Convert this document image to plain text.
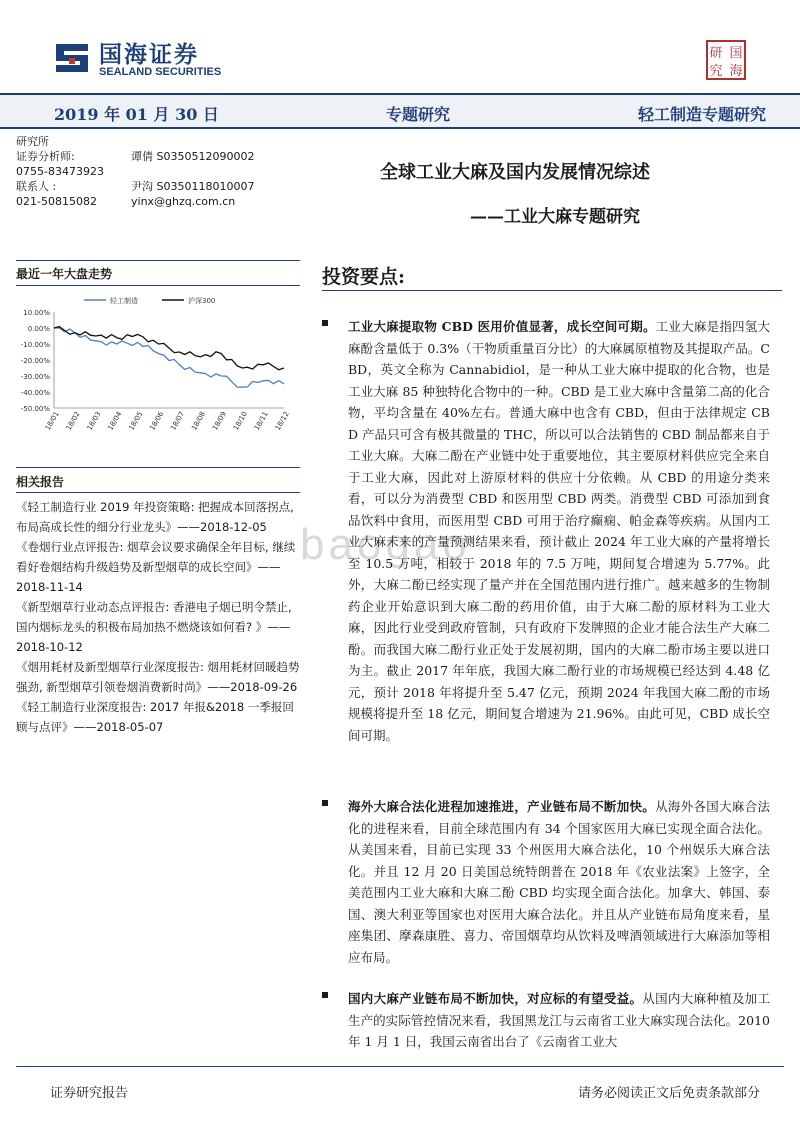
国海证券
SEALAND SECURITIES
研 国
究 海
2019 年 01 月 30 日	专题研究	轻工制造专题研究
研究所
证券分析师:	谭倩 S0350512090002
0755-83473923
联系人 :	尹沟 S0350118010007
021-50815082	yinx@ghzq.com.cn
全球工业大麻及国内发展情况综述
——工业大麻专题研究
最近一年大盘走势
10.00%
0.00%
-10.00%
-20.00%
-30.00%
-40.00%
-50.00%
18/01 18/02 18/03 18/04 18/05 18/06 18/07 18/08 18/09 18/10 18/11 18/12
轻工制造	沪深300
相关报告
《轻工制造行业 2019 年投资策略: 把握成本回落拐点, 布局高成长性的细分行业龙头》——2018-12-05
《卷烟行业点评报告: 烟草会议要求确保全年目标, 继续看好卷烟结构升级趋势及新型烟草的成长空间》——2018-11-14
《新型烟草行业动态点评报告: 香港电子烟已明令禁止, 国内烟标龙头的积极布局加热不燃烧该如何看? 》——2018-10-12
《烟用耗材及新型烟草行业深度报告: 烟用耗材回暖趋势强劲, 新型烟草引领卷烟消费新时尚》——2018-09-26
《轻工制造行业深度报告: 2017 年报&2018 一季报回顾与点评》——2018-05-07
投资要点:
baogao
工业大麻提取物 CBD 医用价值显著，成长空间可期。工业大麻是指四氢大麻酚含量低于 0.3%（干物质重量百分比）的大麻属原植物及其提取产品。CBD，英文全称为 Cannabidiol，是一种从工业大麻中提取的化合物，也是工业大麻 85 种独特化合物中的一种。CBD 是工业大麻中含量第二高的化合物，平均含量在 40%左右。普通大麻中也含有 CBD，但由于法律规定 CBD 产品只可含有极其微量的 THC，所以可以合法销售的 CBD 制品都来自于工业大麻。大麻二酚在产业链中处于重要地位，其主要原材料供应完全来自于工业大麻，因此对上游原材料的供应十分依赖。从 CBD 的用途分类来看，可以分为消费型 CBD 和医用型 CBD 两类。消费型 CBD 可添加到食品饮料中食用，而医用型 CBD 可用于治疗癫痫、帕金森等疾病。从国内工业大麻未来的产量预测结果来看，预计截止 2024 年工业大麻的产量将增长至 10.5 万吨，相较于 2018 年的 7.5 万吨，期间复合增速为 5.77%。此外，大麻二酚已经实现了量产并在全国范围内进行推广。越来越多的生物制药企业开始意识到大麻二酚的药用价值，由于大麻二酚的原材料为工业大麻，因此行业受到政府管制，只有政府下发牌照的企业才能合法生产大麻二酚。而我国大麻二酚行业正处于发展初期，国内的大麻二酚市场主要以进口为主。截止 2017 年年底，我国大麻二酚行业的市场规模已经达到 4.48 亿元，预计 2018 年将提升至 5.47 亿元，预期 2024 年我国大麻二酚的市场规模将提升至 18 亿元，期间复合增速为 21.96%。由此可见，CBD 成长空间可期。
海外大麻合法化进程加速推进，产业链布局不断加快。从海外各国大麻合法化的进程来看，目前全球范围内有 34 个国家医用大麻已实现全面合法化。从美国来看，目前已实现 33 个州医用大麻合法化，10 个州娱乐大麻合法化。并且 12 月 20 日美国总统特朗普在 2018 年《农业法案》上签字，全美范围内工业大麻和大麻二酚 CBD 均实现全面合法化。加拿大、韩国、泰国、澳大利亚等国家也对医用大麻合法化。并且从产业链布局角度来看，星座集团、摩森康胜、喜力、帝国烟草均从饮料及啤酒领域进行大麻添加等相应布局。
国内大麻产业链布局不断加快，对应标的有望受益。从国内大麻种植及加工生产的实际管控情况来看，我国黑龙江与云南省工业大麻实现合法化。2010 年 1 月 1 日，我国云南省出台了《云南省工业大
证券研究报告	请务必阅读正文后免责条款部分
